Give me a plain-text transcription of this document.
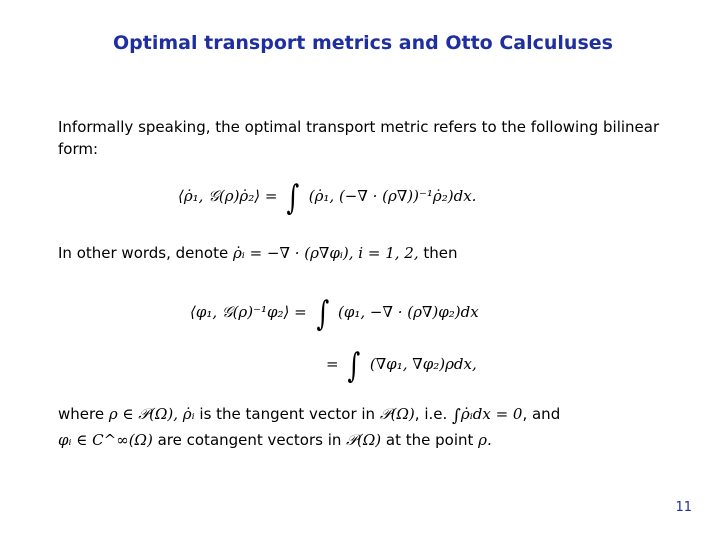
Optimal transport metrics and Otto Calculuses
Informally speaking, the optimal transport metric refers to the following bilinear form:
⟨ρ̇₁, 𝒢(ρ)ρ̇₂⟩ = ∫ (ρ̇₁, (−∇ · (ρ∇))⁻¹ρ̇₂)dx.
In other words, denote ρ̇ᵢ = −∇ · (ρ∇φᵢ), i = 1, 2, then
⟨φ₁, 𝒢(ρ)⁻¹φ₂⟩ = ∫ (φ₁, −∇ · (ρ∇)φ₂)dx
= ∫ (∇φ₁, ∇φ₂)ρdx,
where ρ ∈ 𝒫(Ω), ρ̇ᵢ is the tangent vector in 𝒫(Ω), i.e. ∫ρ̇ᵢdx = 0, and
φᵢ ∈ C^∞(Ω) are cotangent vectors in 𝒫(Ω) at the point ρ.
11
